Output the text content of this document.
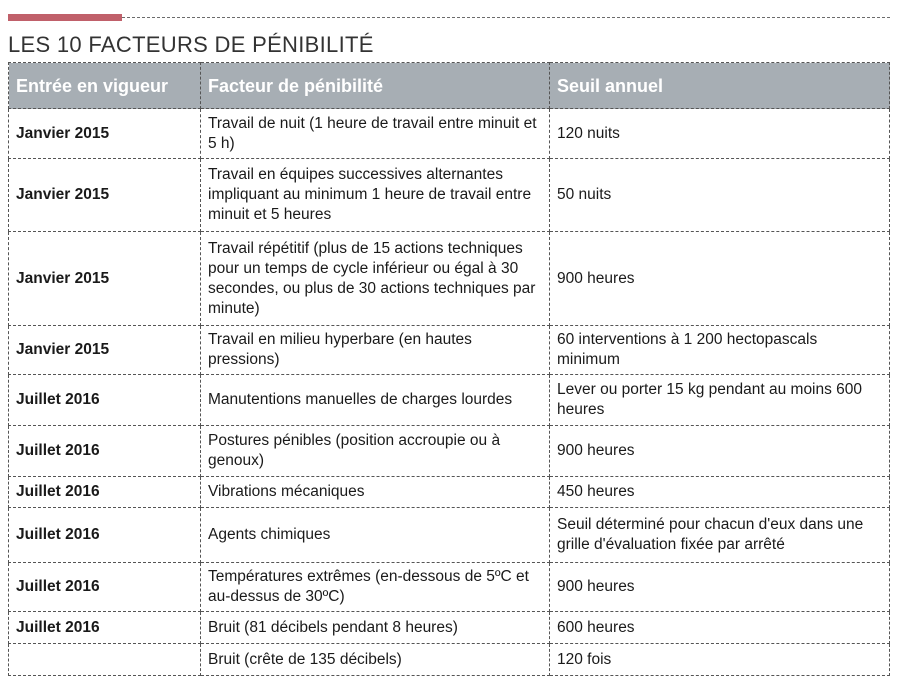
LES 10 FACTEURS DE PÉNIBILITÉ
Entrée en vigueur	Facteur de pénibilité	Seuil annuel
Janvier 2015	Travail de nuit (1 heure de travail entre minuit et 5 h)	120 nuits
Janvier 2015	Travail en équipes successives alternantes impliquant au minimum 1 heure de travail entre minuit et 5 heures	50 nuits
Janvier 2015	Travail répétitif (plus de 15 actions techniques pour un temps de cycle inférieur ou égal à 30 secondes, ou plus de 30 actions techniques par minute)	900 heures
Janvier 2015	Travail en milieu hyperbare (en hautes pressions)	60 interventions à 1 200 hectopascals minimum
Juillet 2016	Manutentions manuelles de charges lourdes	Lever ou porter 15 kg pendant au moins 600 heures
Juillet 2016	Postures pénibles (position accroupie ou à genoux)	900 heures
Juillet 2016	Vibrations mécaniques	450 heures
Juillet 2016	Agents chimiques	Seuil déterminé pour chacun d'eux dans une grille d'évaluation fixée par arrêté
Juillet 2016	Températures extrêmes (en-dessous de 5ºC et au-dessus de 30ºC)	900 heures
Juillet 2016	Bruit (81 décibels pendant 8 heures)	600 heures
	Bruit (crête de 135 décibels)	120 fois
